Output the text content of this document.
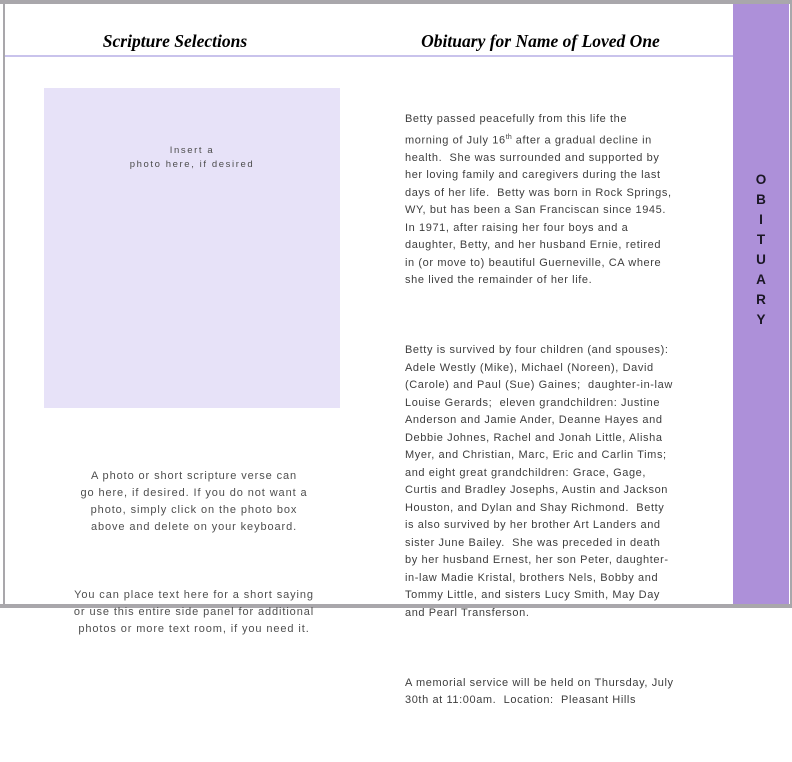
Scripture Selections	Obituary for Name of Loved One
Insert a
photo here, if desired

A photo or short scripture verse can
go here, if desired. If you do not want a
photo, simply click on the photo box
above and delete on your keyboard.

You can place text here for a short saying
or use this entire side panel for additional
photos or more text room, if you need it.

Betty passed peacefully from this life the
morning of July 16th after a gradual decline in
health.  She was surrounded and supported by
her loving family and caregivers during the last
days of her life.  Betty was born in Rock Springs,
WY, but has been a San Franciscan since 1945.
In 1971, after raising her four boys and a
daughter, Betty, and her husband Ernie, retired
in (or move to) beautiful Guerneville, CA where
she lived the remainder of her life.

Betty is survived by four children (and spouses):
Adele Westly (Mike), Michael (Noreen), David
(Carole) and Paul (Sue) Gaines;  daughter-in-law
Louise Gerards;  eleven grandchildren: Justine
Anderson and Jamie Ander, Deanne Hayes and
Debbie Johnes, Rachel and Jonah Little, Alisha
Myer, and Christian, Marc, Eric and Carlin Tims;
and eight great grandchildren: Grace, Gage,
Curtis and Bradley Josephs, Austin and Jackson
Houston, and Dylan and Shay Richmond.  Betty
is also survived by her brother Art Landers and
sister June Bailey.  She was preceded in death
by her husband Ernest, her son Peter, daughter-
in-law Madie Kristal, brothers Nels, Bobby and
Tommy Little, and sisters Lucy Smith, May Day
and Pearl Transferson.

A memorial service will be held on Thursday, July
30th at 11:00am.  Location:  Pleasant Hills

O
B
I
T
U
A
R
Y
